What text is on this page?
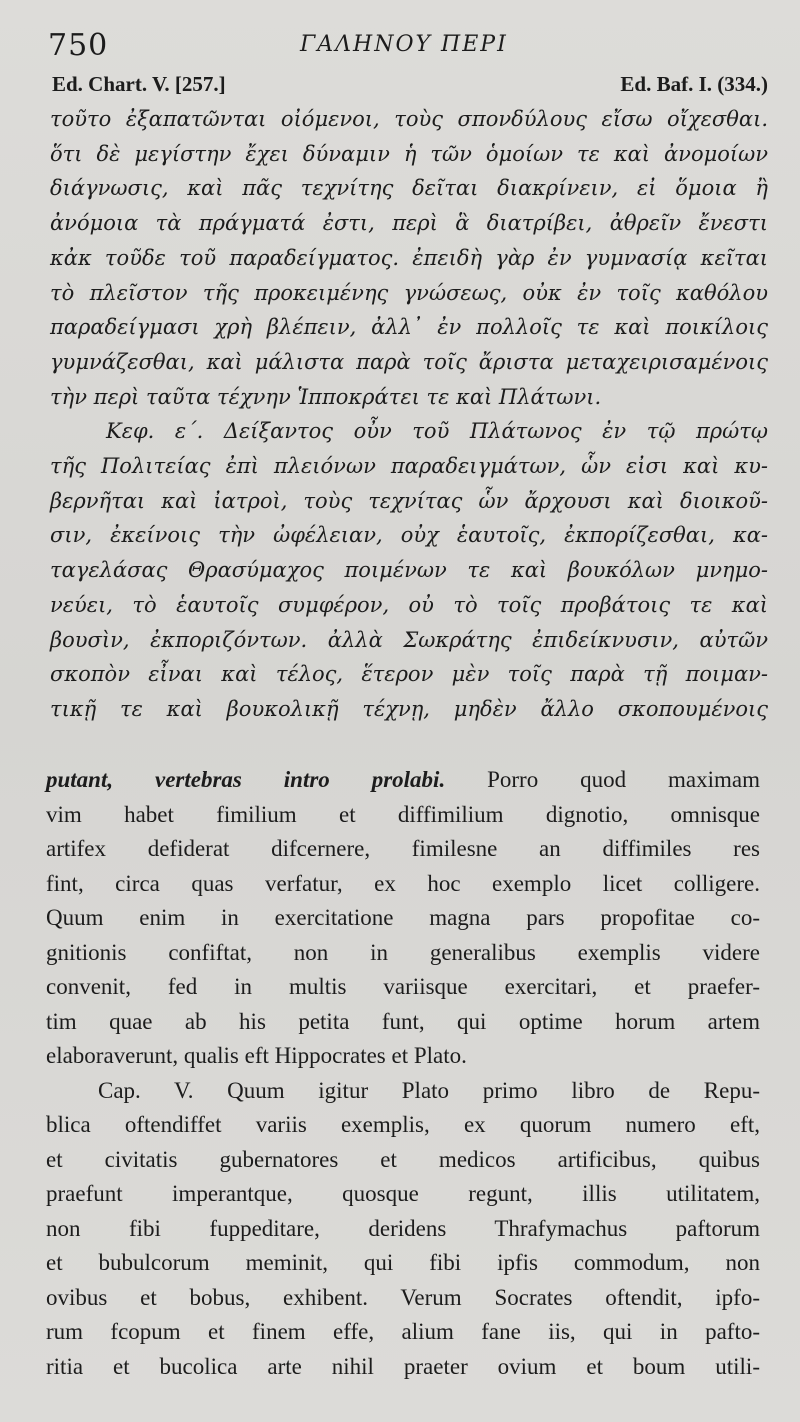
750	ΓΑΛΗΝΟΥ ΠΕΡΙ
Ed. Chart. V. [257.]	Ed. Baf. I. (334.)
τοῦτο ἐξαπατῶνται οἰόμενοι, τοὺς σπονδύλους εἴσω οἴχεσθαι.
ὅτι δὲ μεγίστην ἔχει δύναμιν ἡ τῶν ὁμοίων τε καὶ ἀνομοίων
διάγνωσις, καὶ πᾶς τεχνίτης δεῖται διακρίνειν, εἰ ὅμοια ἢ
ἀνόμοια τὰ πράγματά ἐστι, περὶ ἃ διατρίβει, ἀθρεῖν ἔνεστι
κἀκ τοῦδε τοῦ παραδείγματος. ἐπειδὴ γὰρ ἐν γυμνασίᾳ κεῖται
τὸ πλεῖστον τῆς προκειμένης γνώσεως, οὐκ ἐν τοῖς καθόλου
παραδείγμασι χρὴ βλέπειν, ἀλλ᾽ ἐν πολλοῖς τε καὶ ποικίλοις
γυμνάζεσθαι, καὶ μάλιστα παρὰ τοῖς ἄριστα μεταχειρισαμένοις
τὴν περὶ ταῦτα τέχνην Ἱπποκράτει τε καὶ Πλάτωνι.
Κεφ. ε΄. Δείξαντος οὖν τοῦ Πλάτωνος ἐν τῷ πρώτῳ
τῆς Πολιτείας ἐπὶ πλειόνων παραδειγμάτων, ὧν εἰσι καὶ κυ-
βερνῆται καὶ ἰατροὶ, τοὺς τεχνίτας ὧν ἄρχουσι καὶ διοικοῦ-
σιν, ἐκείνοις τὴν ὠφέλειαν, οὐχ ἑαυτοῖς, ἐκπορίζεσθαι, κα-
ταγελάσας Θρασύμαχος ποιμένων τε καὶ βουκόλων μνημο-
νεύει, τὸ ἑαυτοῖς συμφέρον, οὐ τὸ τοῖς προβάτοις τε καὶ
βουσὶν, ἐκποριζόντων. ἀλλὰ Σωκράτης ἐπιδείκνυσιν, αὐτῶν
σκοπὸν εἶναι καὶ τέλος, ἕτερον μὲν τοῖς παρὰ τῇ ποιμαν-
τικῇ τε καὶ βουκολικῇ τέχνῃ, μηδὲν ἄλλο σκοπουμένοις
putant, vertebras intro prolabi. Porro quod maximam
vim habet fimilium et diffimilium dignotio, omnisque
artifex defiderat difcernere, fimilesne an diffimiles res
fint, circa quas verfatur, ex hoc exemplo licet colligere.
Quum enim in exercitatione magna pars propofitae co-
gnitionis confiftat, non in generalibus exemplis videre
convenit, fed in multis variisque exercitari, et praefer-
tim quae ab his petita funt, qui optime horum artem
elaboraverunt, qualis eft Hippocrates et Plato.
Cap. V. Quum igitur Plato primo libro de Repu-
blica oftendiffet variis exemplis, ex quorum numero eft,
et civitatis gubernatores et medicos artificibus, quibus
praefunt imperantque, quosque regunt, illis utilitatem,
non fibi fuppeditare, deridens Thrafymachus paftorum
et bubulcorum meminit, qui fibi ipfis commodum, non
ovibus et bobus, exhibent. Verum Socrates oftendit, ipfo-
rum fcopum et finem effe, alium fane iis, qui in pafto-
ritia et bucolica arte nihil praeter ovium et boum utili-
